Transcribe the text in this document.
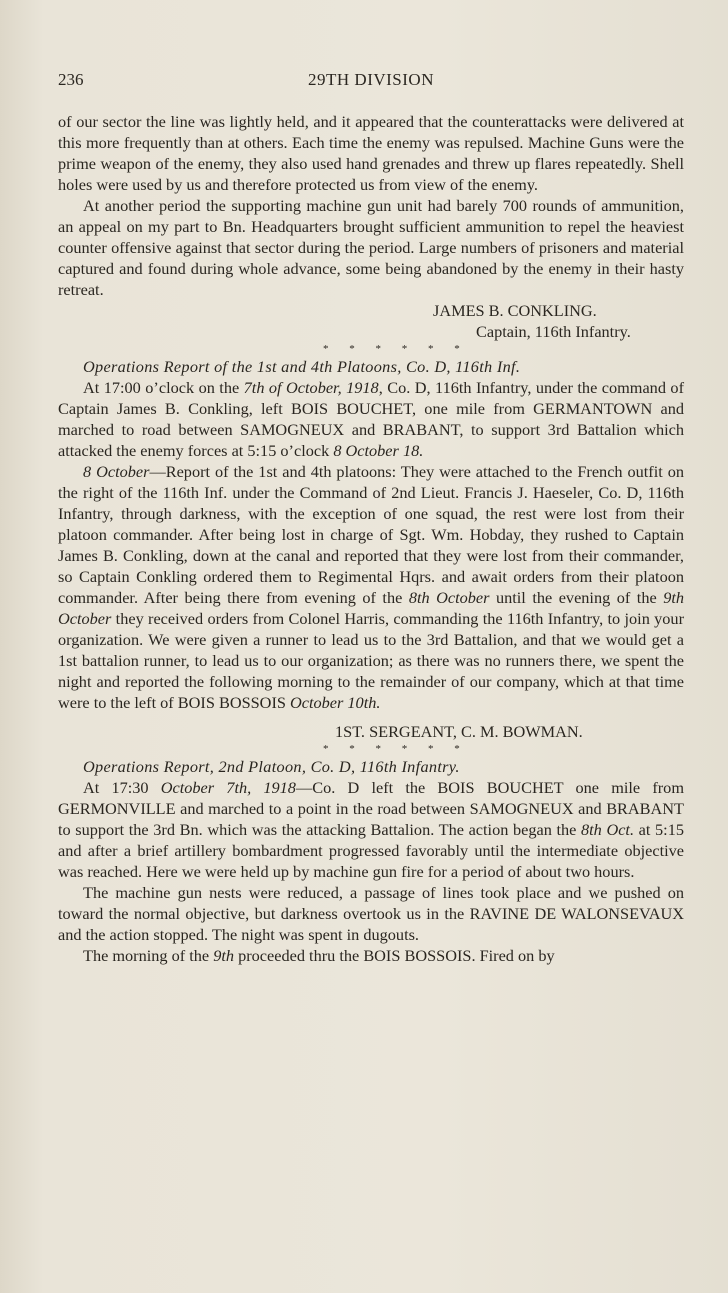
236	29TH DIVISION

of our sector the line was lightly held, and it appeared that the counterattacks were delivered at this more frequently than at others. Each time the enemy was repulsed. Machine Guns were the prime weapon of the enemy, they also used hand grenades and threw up flares repeatedly. Shell holes were used by us and therefore protected us from view of the enemy.

At another period the supporting machine gun unit had barely 700 rounds of ammunition, an appeal on my part to Bn. Headquarters brought sufficient ammunition to repel the heaviest counter offensive against that sector during the period. Large numbers of prisoners and material captured and found during whole advance, some being abandoned by the enemy in their hasty retreat.

JAMES B. CONKLING.

Captain, 116th Infantry.

* * * * * *

Operations Report of the 1st and 4th Platoons, Co. D, 116th Inf.

At 17:00 o’clock on the 7th of October, 1918, Co. D, 116th Infantry, under the command of Captain James B. Conkling, left BOIS BOUCHET, one mile from GERMANTOWN and marched to road between SAMOGNEUX and BRABANT, to support 3rd Battalion which attacked the enemy forces at 5:15 o’clock 8 October 18.

8 October—Report of the 1st and 4th platoons: They were attached to the French outfit on the right of the 116th Inf. under the Command of 2nd Lieut. Francis J. Haeseler, Co. D, 116th Infantry, through darkness, with the exception of one squad, the rest were lost from their platoon commander. After being lost in charge of Sgt. Wm. Hobday, they rushed to Captain James B. Conkling, down at the canal and reported that they were lost from their commander, so Captain Conkling ordered them to Regimental Hqrs. and await orders from their platoon commander. After being there from evening of the 8th October until the evening of the 9th October they received orders from Colonel Harris, commanding the 116th Infantry, to join your organization. We were given a runner to lead us to the 3rd Battalion, and that we would get a 1st battalion runner, to lead us to our organization; as there was no runners there, we spent the night and reported the following morning to the remainder of our company, which at that time were to the left of BOIS BOSSOIS October 10th.

1ST. SERGEANT, C. M. BOWMAN.

* * * * * *

Operations Report, 2nd Platoon, Co. D, 116th Infantry.

At 17:30 October 7th, 1918—Co. D left the BOIS BOUCHET one mile from GERMONVILLE and marched to a point in the road between SAMOGNEUX and BRABANT to support the 3rd Bn. which was the attacking Battalion. The action began the 8th Oct. at 5:15 and after a brief artillery bombardment progressed favorably until the intermediate objective was reached. Here we were held up by machine gun fire for a period of about two hours.

The machine gun nests were reduced, a passage of lines took place and we pushed on toward the normal objective, but darkness overtook us in the RAVINE DE WALONSEVAUX and the action stopped. The night was spent in dugouts.

The morning of the 9th proceeded thru the BOIS BOSSOIS. Fired on by
